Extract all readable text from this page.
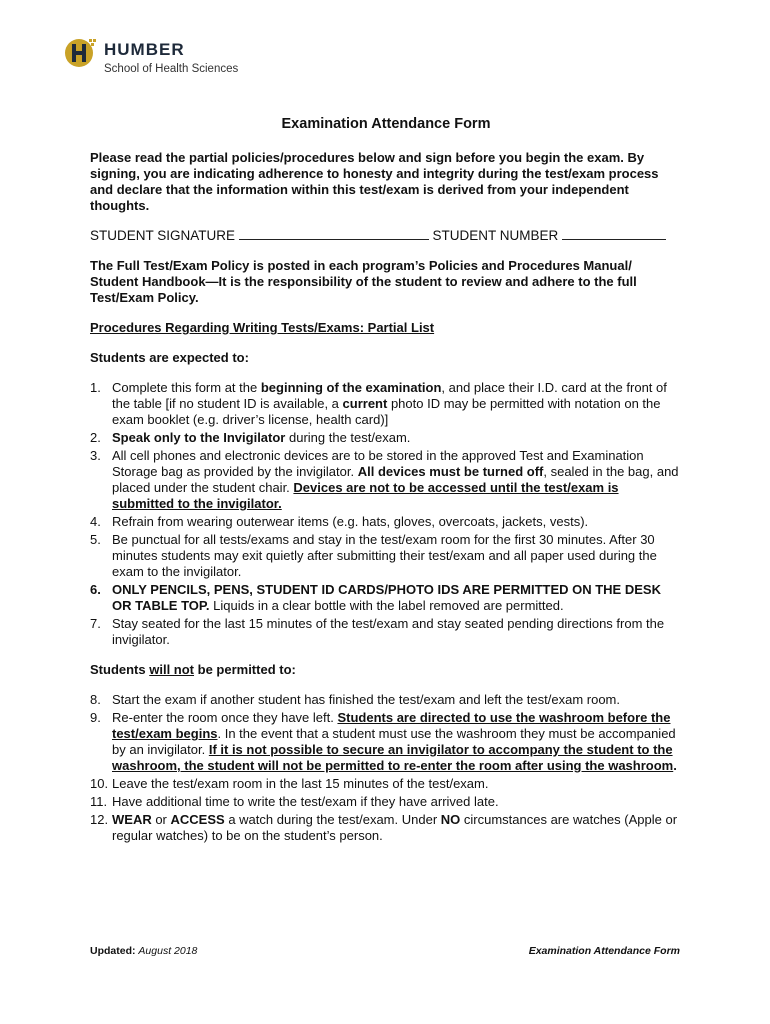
HUMBER
School of Health Sciences
Examination Attendance Form

Please read the partial policies/procedures below and sign before you begin the exam. By signing, you are indicating adherence to honesty and integrity during the test/exam process and declare that the information within this test/exam is derived from your independent thoughts.

STUDENT SIGNATURE	STUDENT NUMBER

The Full Test/Exam Policy is posted in each program’s Policies and Procedures Manual/ Student Handbook—It is the responsibility of the student to review and adhere to the full Test/Exam Policy.

Procedures Regarding Writing Tests/Exams: Partial List

Students are expected to:

1. Complete this form at the beginning of the examination, and place their I.D. card at the front of the table [if no student ID is available, a current photo ID may be permitted with notation on the exam booklet (e.g. driver’s license, health card)]
2. Speak only to the Invigilator during the test/exam.
3. All cell phones and electronic devices are to be stored in the approved Test and Examination Storage bag as provided by the invigilator. All devices must be turned off, sealed in the bag, and placed under the student chair. Devices are not to be accessed until the test/exam is submitted to the invigilator.
4. Refrain from wearing outerwear items (e.g. hats, gloves, overcoats, jackets, vests).
5. Be punctual for all tests/exams and stay in the test/exam room for the first 30 minutes. After 30 minutes students may exit quietly after submitting their test/exam and all paper used during the exam to the invigilator.
6. ONLY PENCILS, PENS, STUDENT ID CARDS/PHOTO IDS ARE PERMITTED ON THE DESK OR TABLE TOP. Liquids in a clear bottle with the label removed are permitted.
7. Stay seated for the last 15 minutes of the test/exam and stay seated pending directions from the invigilator.

Students will not be permitted to:

8. Start the exam if another student has finished the test/exam and left the test/exam room.
9. Re-enter the room once they have left. Students are directed to use the washroom before the test/exam begins. In the event that a student must use the washroom they must be accompanied by an invigilator. If it is not possible to secure an invigilator to accompany the student to the washroom, the student will not be permitted to re-enter the room after using the washroom.
10. Leave the test/exam room in the last 15 minutes of the test/exam.
11. Have additional time to write the test/exam if they have arrived late.
12. WEAR or ACCESS a watch during the test/exam. Under NO circumstances are watches (Apple or regular watches) to be on the student’s person.
Updated: August 2018	Examination Attendance Form
